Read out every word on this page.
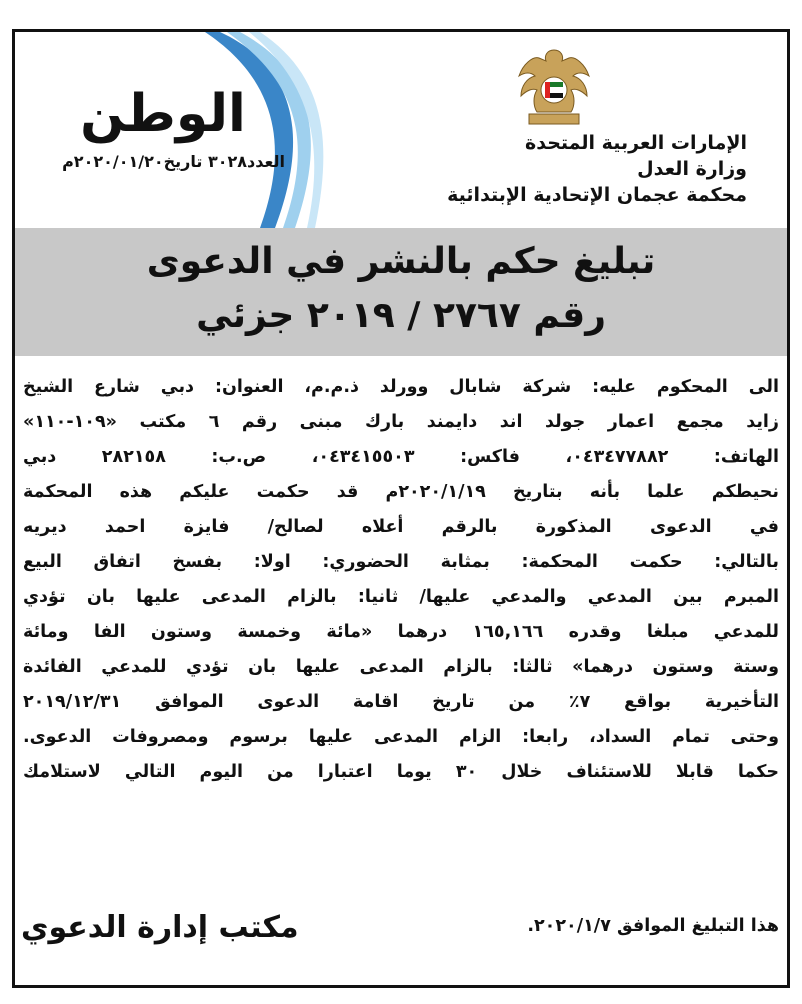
الوطن
العدد٣٠٢٨ تاريخ٢٠٢٠/٠١/٢٠م
الإمارات العربية المتحدة
وزارة العدل
محكمة عجمان الإتحادية الإبتدائية
تبليغ حكم بالنشر في الدعوى
رقم ٢٧٦٧ / ٢٠١٩ جزئي
الى المحكوم عليه: شركة شابال وورلد ذ.م.م، العنوان: دبي شارع الشيخ
زايد مجمع اعمار جولد اند دايمند بارك مبنى رقم ٦ مكتب «١٠٩-١١٠»
الهاتف: ٠٤٣٤٧٧٨٨٢، فاكس: ٠٤٣٤١٥٥٠٣، ص.ب: ٢٨٢١٥٨ دبي
نحيطكم علما بأنه بتاريخ ٢٠٢٠/١/١٩م قد حكمت عليكم هذه المحكمة
في الدعوى المذكورة بالرقم أعلاه لصالح/ فايزة احمد ديريه
بالتالي: حكمت المحكمة: بمثابة الحضوري: اولا: بفسخ اتفاق البيع
المبرم بين المدعي والمدعي عليها/ ثانيا: بالزام المدعى عليها بان تؤدي
للمدعي مبلغا وقدره ١٦٥,١٦٦ درهما «مائة وخمسة وستون الفا ومائة
وستة وستون درهما» ثالثا: بالزام المدعى عليها بان تؤدي للمدعي الفائدة
التأخيرية بواقع ٧٪ من تاريخ اقامة الدعوى الموافق ٢٠١٩/١٢/٣١
وحتى تمام السداد، رابعا: الزام المدعى عليها برسوم ومصروفات الدعوى.
حكما قابلا للاستئناف خلال ٣٠ يوما اعتبارا من اليوم التالي لاستلامك
هذا التبليغ الموافق ٢٠٢٠/١/٧.
مكتب إدارة الدعوي
